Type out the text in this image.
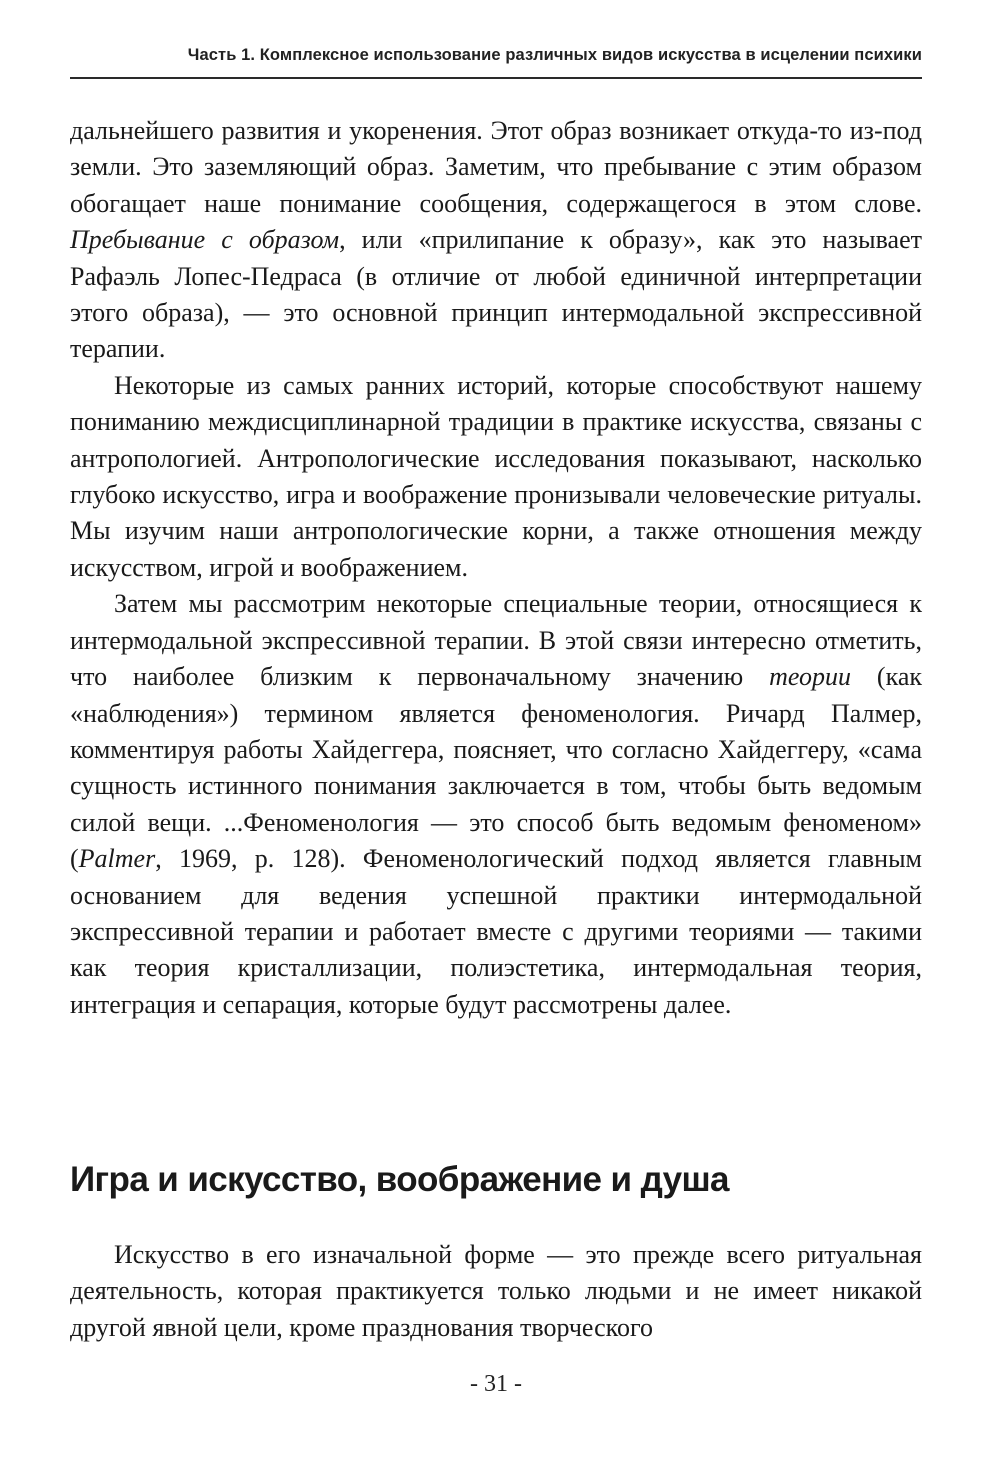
Часть 1. Комплексное использование различных видов искусства в исцелении психики

дальнейшего развития и укоренения. Этот образ возникает откуда-то из-под земли. Это заземляющий образ. Заметим, что пребывание с этим образом обогащает наше понимание сообщения, содержащегося в этом слове. Пребывание с образом, или «прилипание к образу», как это называет Рафаэль Лопес-Педраса (в отличие от любой единичной интерпретации этого образа), — это основной принцип интермодальной экспрессивной терапии.

Некоторые из самых ранних историй, которые способствуют нашему пониманию междисциплинарной традиции в практике искусства, связаны с антропологией. Антропологические исследования показывают, насколько глубоко искусство, игра и воображение пронизывали человеческие ритуалы. Мы изучим наши антропологические корни, а также отношения между искусством, игрой и воображением.

Затем мы рассмотрим некоторые специальные теории, относящиеся к интермодальной экспрессивной терапии. В этой связи интересно отметить, что наиболее близким к первоначальному значению теории (как «наблюдения») термином является феноменология. Ричард Палмер, комментируя работы Хайдеггера, поясняет, что согласно Хайдеггеру, «сама сущность истинного понимания заключается в том, чтобы быть ведомым силой вещи. ...Феноменология — это способ быть ведомым феноменом» (Palmer, 1969, p. 128). Феноменологический подход является главным основанием для ведения успешной практики интермодальной экспрессивной терапии и работает вместе с другими теориями — такими как теория кристаллизации, полиэстетика, интермодальная теория, интеграция и сепарация, которые будут рассмотрены далее.

Игра и искусство, воображение и душа

Искусство в его изначальной форме — это прежде всего ритуальная деятельность, которая практикуется только людьми и не имеет никакой другой явной цели, кроме празднования творческого

- 31 -
